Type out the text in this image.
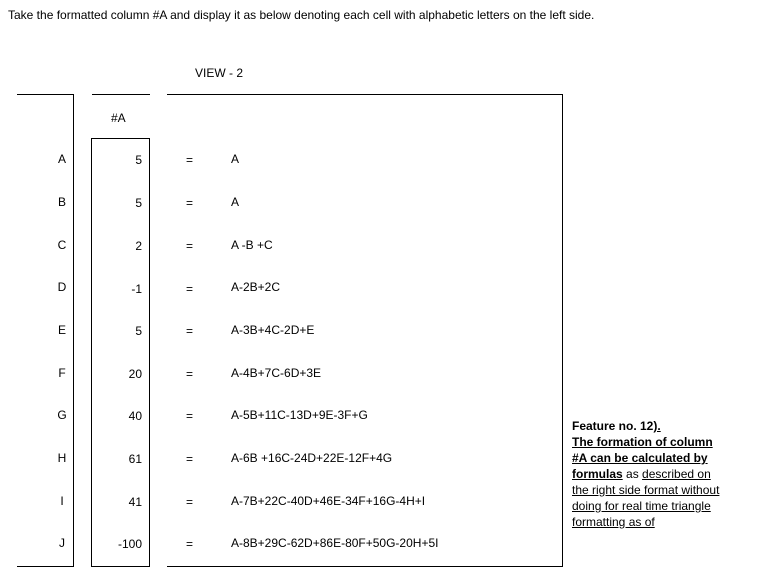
Take the formatted column #A and display it as below denoting each cell with alphabetic letters on the left side.
VIEW - 2
#A
A	5	=	A
B	5	=	A
C	2	=	A -B +C
D	-1	=	A-2B+2C
E	5	=	A-3B+4C-2D+E
F	20	=	A-4B+7C-6D+3E
G	40	=	A-5B+11C-13D+9E-3F+G
H	61	=	A-6B +16C-24D+22E-12F+4G
I	41	=	A-7B+22C-40D+46E-34F+16G-4H+I
J	-100	=	A-8B+29C-62D+86E-80F+50G-20H+5I
Feature no. 12).
The formation of column #A can be calculated by formulas as described on the right side format without doing for real time triangle formatting as of
